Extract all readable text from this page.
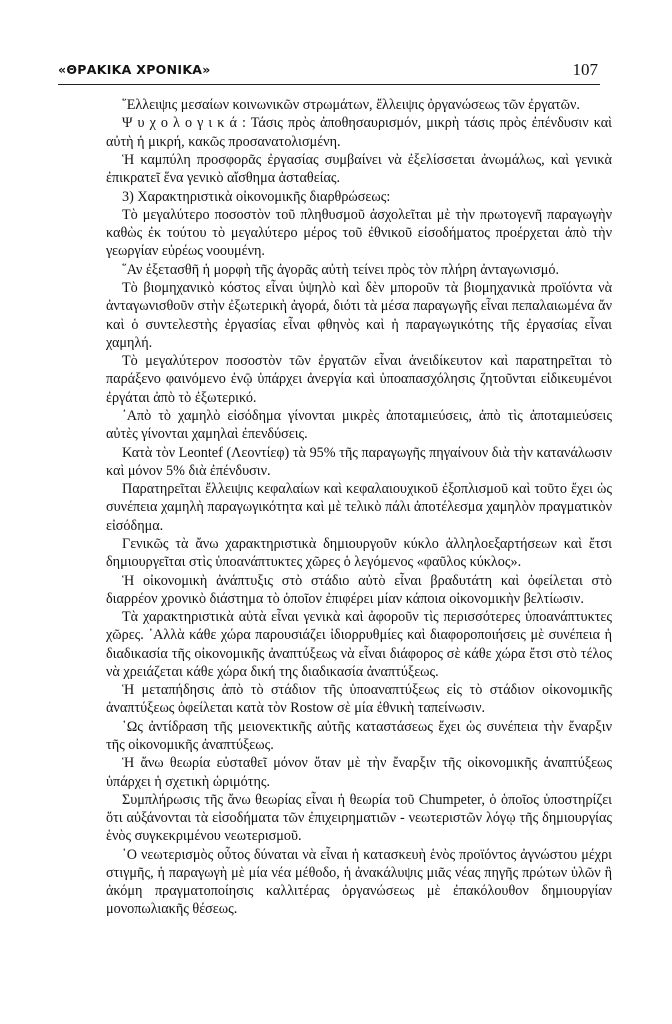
«ΘΡΑΚΙΚΑ ΧΡΟΝΙΚΑ»	107

῞Ελλειψις μεσαίων κοινωνικῶν στρωμάτων, ἔλλειψις ὀργανώσεως τῶν ἐργατῶν.

Ψ υ χ ο λ ο γ ι κ ά : Τάσις πρὸς ἀποθησαυρισμόν, μικρὴ τάσις πρὸς ἐπένδυσιν καὶ αὐτὴ ἡ μικρή, κακῶς προσανατολισμένη.

Ἡ καμπύλη προσφορᾶς ἐργασίας συμβαίνει νὰ ἐξελίσσεται ἀνωμάλως, καὶ γενικὰ ἐπικρατεῖ ἕνα γενικὸ αἴσθημα ἀσταθείας.

3) Χαρακτηριστικὰ οἰκονομικῆς διαρθρώσεως:

Τὸ μεγαλύτερο ποσοστὸν τοῦ πληθυσμοῦ ἀσχολεῖται μὲ τὴν πρωτογενῆ παραγωγὴν καθὼς ἐκ τούτου τὸ μεγαλύτερο μέρος τοῦ ἐθνικοῦ εἰσοδήματος προέρχεται ἀπὸ τὴν γεωργίαν εὐρέως νοουμένη.

῞Αν ἐξετασθῆ ἡ μορφὴ τῆς ἀγορᾶς αὐτὴ τείνει πρὸς τὸν πλήρη ἀνταγωνισμό.

Τὸ βιομηχανικὸ κόστος εἶναι ὑψηλὸ καὶ δὲν μποροῦν τὰ βιομηχανικὰ προϊόντα νὰ ἀνταγωνισθοῦν στὴν ἐξωτερικὴ ἀγορά, διότι τὰ μέσα παραγωγῆς εἶναι πεπαλαιωμένα ἄν καὶ ὁ συντελεστὴς ἐργασίας εἶναι φθηνὸς καὶ ἡ παραγωγικότης τῆς ἐργασίας εἶναι χαμηλή.

Τὸ μεγαλύτερον ποσοστὸν τῶν ἐργατῶν εἶναι ἀνειδίκευτον καὶ παρατηρεῖται τὸ παράξενο φαινόμενο ἐνῷ ὑπάρχει ἀνεργία καὶ ὑποαπασχόλησις ζητοῦνται εἰδικευμένοι ἐργάται ἀπὸ τὸ ἐξωτερικό.

᾿Απὸ τὸ χαμηλὸ εἰσόδημα γίνονται μικρὲς ἀποταμιεύσεις, ἀπὸ τὶς ἀποταμιεύσεις αὐτὲς γίνονται χαμηλαὶ ἐπενδύσεις.

Κατὰ τὸν Leontef (Λεοντίεφ) τὰ 95% τῆς παραγωγῆς πηγαίνουν διὰ τὴν κατανάλωσιν καὶ μόνον 5% διὰ ἐπένδυσιν.

Παρατηρεῖται ἔλλειψις κεφαλαίων καὶ κεφαλαιουχικοῦ ἐξοπλισμοῦ καὶ τοῦτο ἔχει ὡς συνέπεια χαμηλὴ παραγωγικότητα καὶ μὲ τελικὸ πάλι ἀποτέλεσμα χαμηλὸν πραγματικὸν εἰσόδημα.

Γενικῶς τὰ ἄνω χαρακτηριστικὰ δημιουργοῦν κύκλο ἀλληλοεξαρτήσεων καὶ ἔτσι δημιουργεῖται στὶς ὑποανάπτυκτες χῶρες ὁ λεγόμενος «φαῦλος κύκλος».

Ἡ οἰκονομικὴ ἀνάπτυξις στὸ στάδιο αὐτὸ εἶναι βραδυτάτη καὶ ὀφείλεται στὸ διαρρέον χρονικὸ διάστημα τὸ ὁποῖον ἐπιφέρει μίαν κάποια οἰκονομικὴν βελτίωσιν.

Τὰ χαρακτηριστικὰ αὐτὰ εἶναι γενικὰ καὶ ἀφοροῦν τὶς περισσότερες ὑποανάπτυκτες χῶρες. ᾿Αλλὰ κάθε χώρα παρουσιάζει ἰδιορρυθμίες καὶ διαφοροποιήσεις μὲ συνέπεια ἡ διαδικασία τῆς οἰκονομικῆς ἀναπτύξεως νὰ εἶναι διάφορος σὲ κάθε χώρα ἔτσι στὸ τέλος νὰ χρειάζεται κάθε χώρα δική της διαδικασία ἀναπτύξεως.

Ἡ μεταπήδησις ἀπὸ τὸ στάδιον τῆς ὑποαναπτύξεως εἰς τὸ στάδιον οἰκονομικῆς ἀναπτύξεως ὀφείλεται κατὰ τὸν Rostow σὲ μία ἐθνικὴ ταπείνωσιν.

῾Ως ἀντίδραση τῆς μειονεκτικῆς αὐτῆς καταστάσεως ἔχει ὡς συνέπεια τὴν ἔναρξιν τῆς οἰκονομικῆς ἀναπτύξεως.

Ἡ ἄνω θεωρία εὐσταθεῖ μόνον ὅταν μὲ τὴν ἔναρξιν τῆς οἰκονομικῆς ἀναπτύξεως ὑπάρχει ἡ σχετικὴ ὡριμότης.

Συμπλήρωσις τῆς ἄνω θεωρίας εἶναι ἡ θεωρία τοῦ Chumpeter, ὁ ὁποῖος ὑποστηρίζει ὅτι αὐξάνονται τὰ εἰσοδήματα τῶν ἐπιχειρηματιῶν - νεωτεριστῶν λόγῳ τῆς δημιουργίας ἑνὸς συγκεκριμένου νεωτερισμοῦ.

῾Ο νεωτερισμὸς οὗτος δύναται νὰ εἶναι ἡ κατασκευὴ ἑνὸς προϊόντος ἀγνώστου μέχρι στιγμῆς, ἡ παραγωγὴ μὲ μία νέα μέθοδο, ἡ ἀνακάλυψις μιᾶς νέας πηγῆς πρώτων ὑλῶν ἢ ἀκόμη πραγματοποίησις καλλιτέρας ὀργανώσεως μὲ ἐπακόλουθον δημιουργίαν μονοπωλιακῆς θέσεως.
